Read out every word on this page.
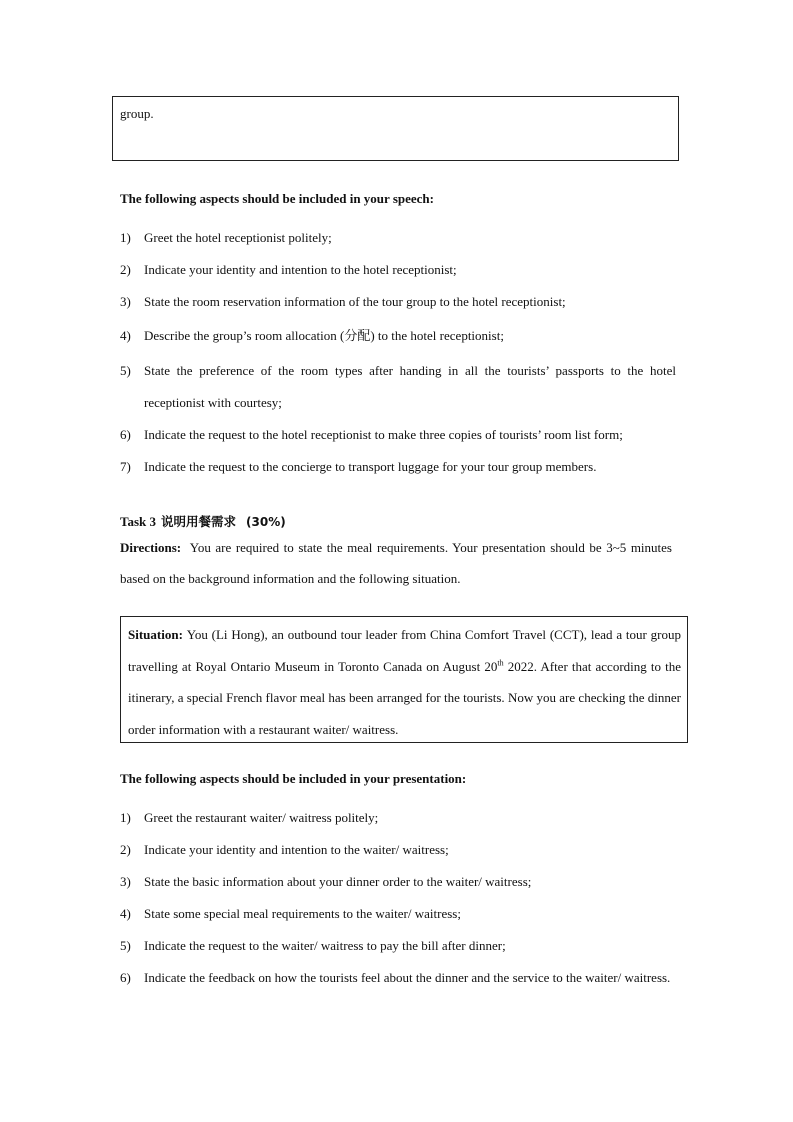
group.
The following aspects should be included in your speech:
1) Greet the hotel receptionist politely;
2) Indicate your identity and intention to the hotel receptionist;
3) State the room reservation information of the tour group to the hotel receptionist;
4) Describe the group’s room allocation (分配) to the hotel receptionist;
5) State the preference of the room types after handing in all the tourists’ passports to the hotel receptionist with courtesy;
6) Indicate the request to the hotel receptionist to make three copies of tourists’ room list form;
7) Indicate the request to the concierge to transport luggage for your tour group members.
Task 3 说明用餐需求 (30%)
Directions: You are required to state the meal requirements. Your presentation should be 3~5 minutes based on the background information and the following situation.
Situation: You (Li Hong), an outbound tour leader from China Comfort Travel (CCT), lead a tour group travelling at Royal Ontario Museum in Toronto Canada on August 20th 2022. After that according to the itinerary, a special French flavor meal has been arranged for the tourists. Now you are checking the dinner order information with a restaurant waiter/ waitress.
The following aspects should be included in your presentation:
1) Greet the restaurant waiter/ waitress politely;
2) Indicate your identity and intention to the waiter/ waitress;
3) State the basic information about your dinner order to the waiter/ waitress;
4) State some special meal requirements to the waiter/ waitress;
5) Indicate the request to the waiter/ waitress to pay the bill after dinner;
6) Indicate the feedback on how the tourists feel about the dinner and the service to the waiter/ waitress.
